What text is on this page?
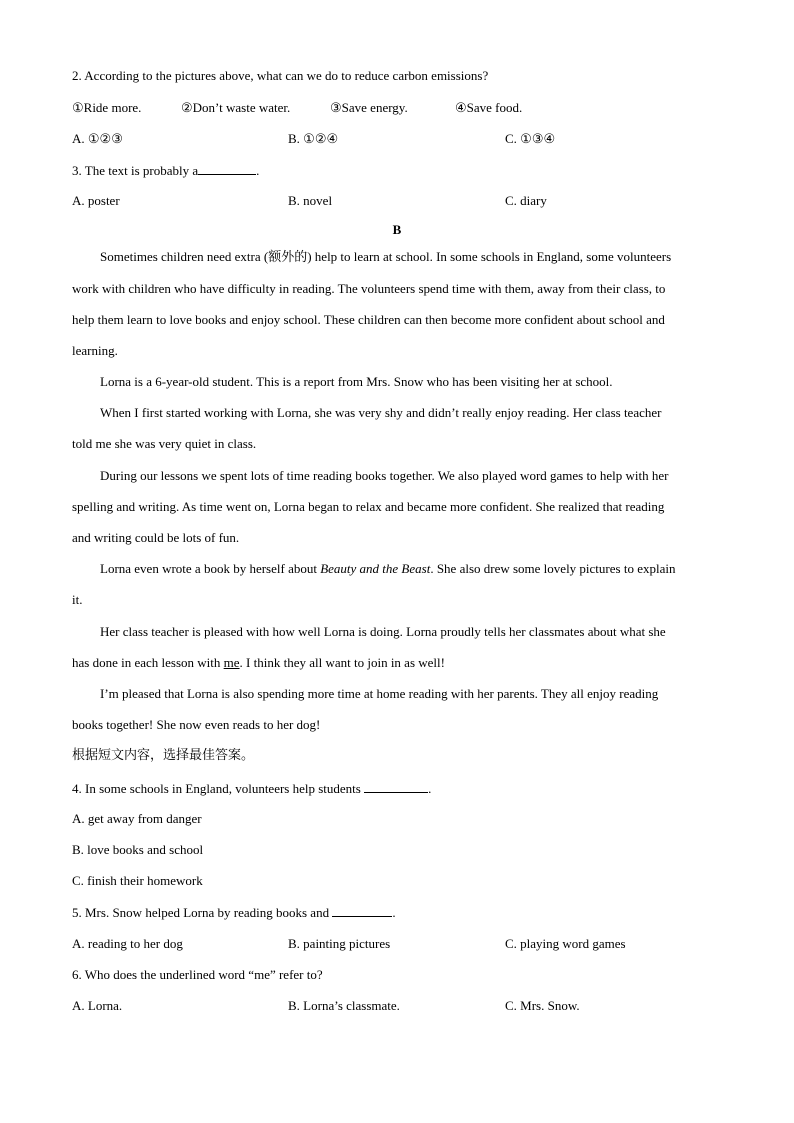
2. According to the pictures above, what can we do to reduce carbon emissions?
①Ride more.	②Don’t waste water.	③Save energy.	④Save food.
A. ①②③	B. ①②④	C. ①③④
3. The text is probably a	.
A. poster	B. novel	C. diary
B
Sometimes children need extra (额外的) help to learn at school. In some schools in England, some volunteers
work with children who have difficulty in reading. The volunteers spend time with them, away from their class, to
help them learn to love books and enjoy school. These children can then become more confident about school and
learning.
Lorna is a 6-year-old student. This is a report from Mrs. Snow who has been visiting her at school.
When I first started working with Lorna, she was very shy and didn’t really enjoy reading. Her class teacher
told me she was very quiet in class.
During our lessons we spent lots of time reading books together. We also played word games to help with her
spelling and writing. As time went on, Lorna began to relax and became more confident. She realized that reading
and writing could be lots of fun.
Lorna even wrote a book by herself about Beauty and the Beast. She also drew some lovely pictures to explain
it.
Her class teacher is pleased with how well Lorna is doing. Lorna proudly tells her classmates about what she
has done in each lesson with me. I think they all want to join in as well!
I’m pleased that Lorna is also spending more time at home reading with her parents. They all enjoy reading
books together! She now even reads to her dog!
根据短文内容，选择最佳答案。
4. In some schools in England, volunteers help students	.
A. get away from danger
B. love books and school
C. finish their homework
5. Mrs. Snow helped Lorna by reading books and	.
A. reading to her dog	B. painting pictures	C. playing word games
6. Who does the underlined word “me” refer to?
A. Lorna.	B. Lorna’s classmate.	C. Mrs. Snow.
